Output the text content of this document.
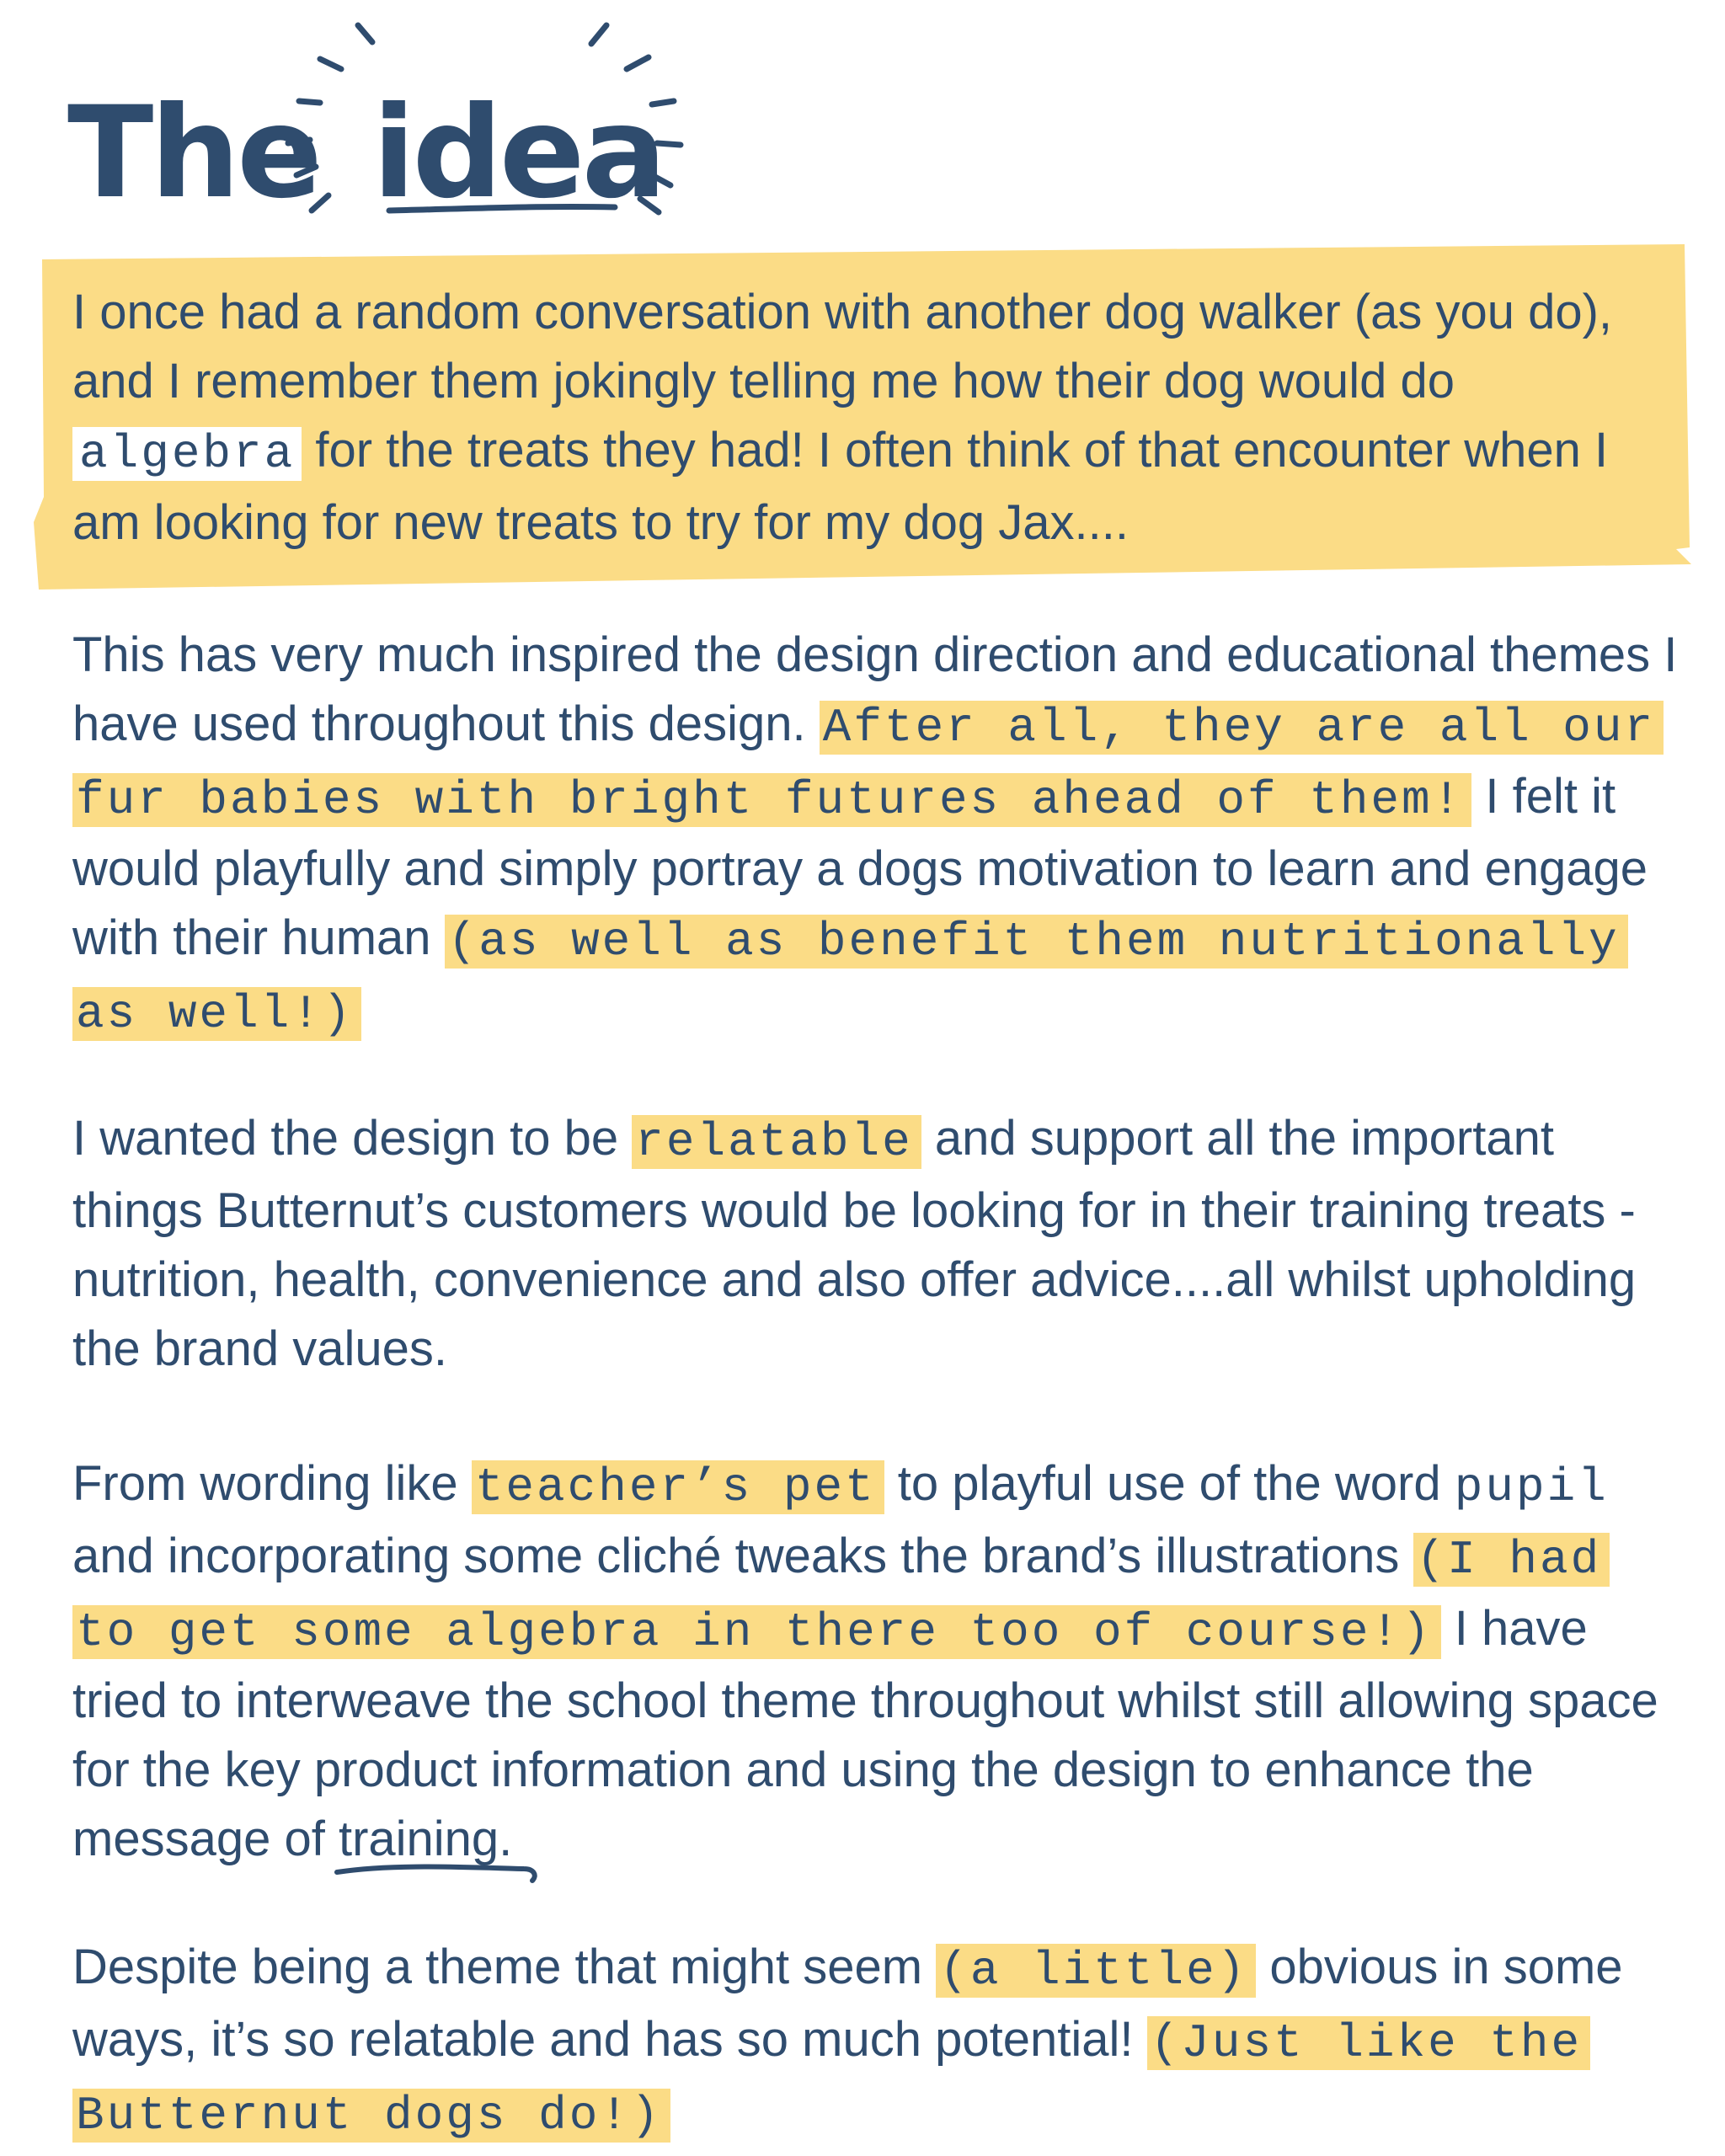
The idea

I once had a random conversation with another dog walker (as you do), and I remember them jokingly telling me how their dog would do algebra for the treats they had! I often think of that encounter when I am looking for new treats to try for my dog Jax....

This has very much inspired the design direction and educational themes I have used throughout this design. After all, they are all our fur babies with bright futures ahead of them! I felt it would playfully and simply portray a dogs motivation to learn and engage with their human (as well as benefit them nutritionally as well!)

I wanted the design to be relatable and support all the important things Butternut’s customers would be looking for in their training treats - nutrition, health, convenience and also offer advice....all whilst upholding the brand values.

From wording like teacher’s pet to playful use of the word pupil and incorporating some cliché tweaks the brand’s illustrations (I had to get some algebra in there too of course!) I have tried to interweave the school theme throughout whilst still allowing space for the key product information and using the design to enhance the message of training.

Despite being a theme that might seem (a little) obvious in some ways, it’s so relatable and has so much potential! (Just like the Butternut dogs do!)
